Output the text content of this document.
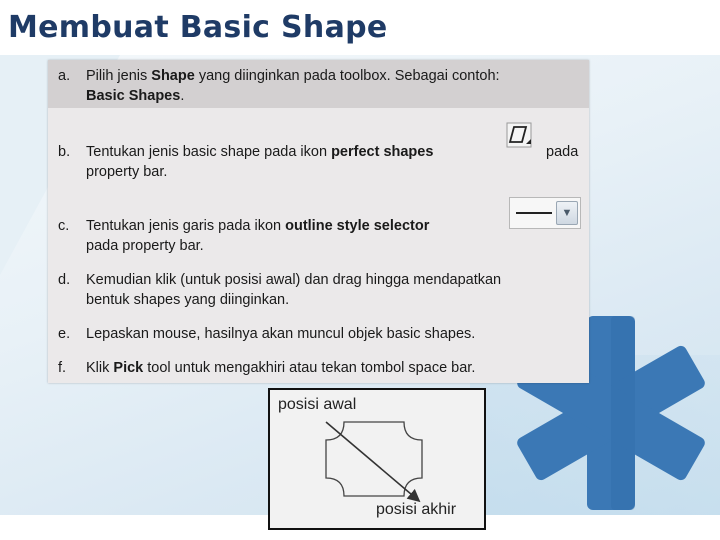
Membuat Basic Shape
a.	Pilih jenis Shape yang diinginkan pada toolbox. Sebagai contoh:
Basic Shapes.
b.	Tentukan jenis basic shape pada ikon perfect shapes	pada
property bar.
c.	Tentukan jenis garis pada ikon outline style selector
pada property bar.
▼
d.	Kemudian klik (untuk posisi awal) dan drag hingga mendapatkan
bentuk shapes yang diinginkan.
e.	Lepaskan mouse, hasilnya akan muncul objek basic shapes.
f.	Klik Pick tool untuk mengakhiri atau tekan tombol space bar.
posisi awal
posisi akhir
